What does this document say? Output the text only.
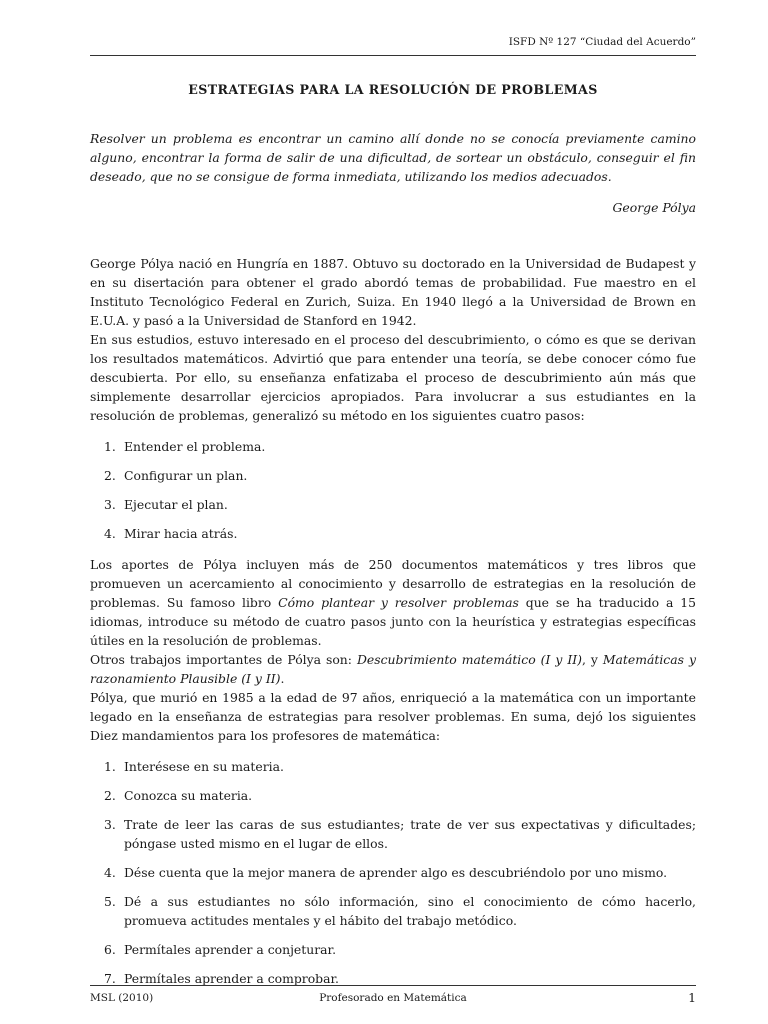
ISFD Nº 127 “Ciudad del Acuerdo”
ESTRATEGIAS PARA LA RESOLUCIÓN DE PROBLEMAS

Resolver un problema es encontrar un camino allí donde no se conocía previamente camino alguno, encontrar la forma de salir de una dificultad, de sortear un obstáculo, conseguir el fin deseado, que no se consigue de forma inmediata, utilizando los medios adecuados.

George Pólya

George Pólya nació en Hungría en 1887. Obtuvo su doctorado en la Universidad de Budapest y en su disertación para obtener el grado abordó temas de probabilidad. Fue maestro en el Instituto Tecnológico Federal en Zurich, Suiza. En 1940 llegó a la Universidad de Brown en E.U.A. y pasó a la Universidad de Stanford en 1942.

En sus estudios, estuvo interesado en el proceso del descubrimiento, o cómo es que se derivan los resultados matemáticos. Advirtió que para entender una teoría, se debe conocer cómo fue descubierta. Por ello, su enseñanza enfatizaba el proceso de descubrimiento aún más que simplemente desarrollar ejercicios apropiados. Para involucrar a sus estudiantes en la resolución de problemas, generalizó su método en los siguientes cuatro pasos:

1. Entender el problema.
2. Configurar un plan.
3. Ejecutar el plan.
4. Mirar hacia atrás.

Los aportes de Pólya incluyen más de 250 documentos matemáticos y tres libros que promueven un acercamiento al conocimiento y desarrollo de estrategias en la resolución de problemas. Su famoso libro Cómo plantear y resolver problemas que se ha traducido a 15 idiomas, introduce su método de cuatro pasos junto con la heurística y estrategias específicas útiles en la resolución de problemas.

Otros trabajos importantes de Pólya son: Descubrimiento matemático (I y II), y Matemáticas y razonamiento Plausible (I y II).

Pólya, que murió en 1985 a la edad de 97 años, enriqueció a la matemática con un importante legado en la enseñanza de estrategias para resolver problemas. En suma, dejó los siguientes Diez mandamientos para los profesores de matemática:

1. Interésese en su materia.
2. Conozca su materia.
3. Trate de leer las caras de sus estudiantes; trate de ver sus expectativas y dificultades; póngase usted mismo en el lugar de ellos.
4. Dése cuenta que la mejor manera de aprender algo es descubriéndolo por uno mismo.
5. Dé a sus estudiantes no sólo información, sino el conocimiento de cómo hacerlo, promueva actitudes mentales y el hábito del trabajo metódico.
6. Permítales aprender a conjeturar.
7. Permítales aprender a comprobar.
MSL (2010)	Profesorado en Matemática	1
